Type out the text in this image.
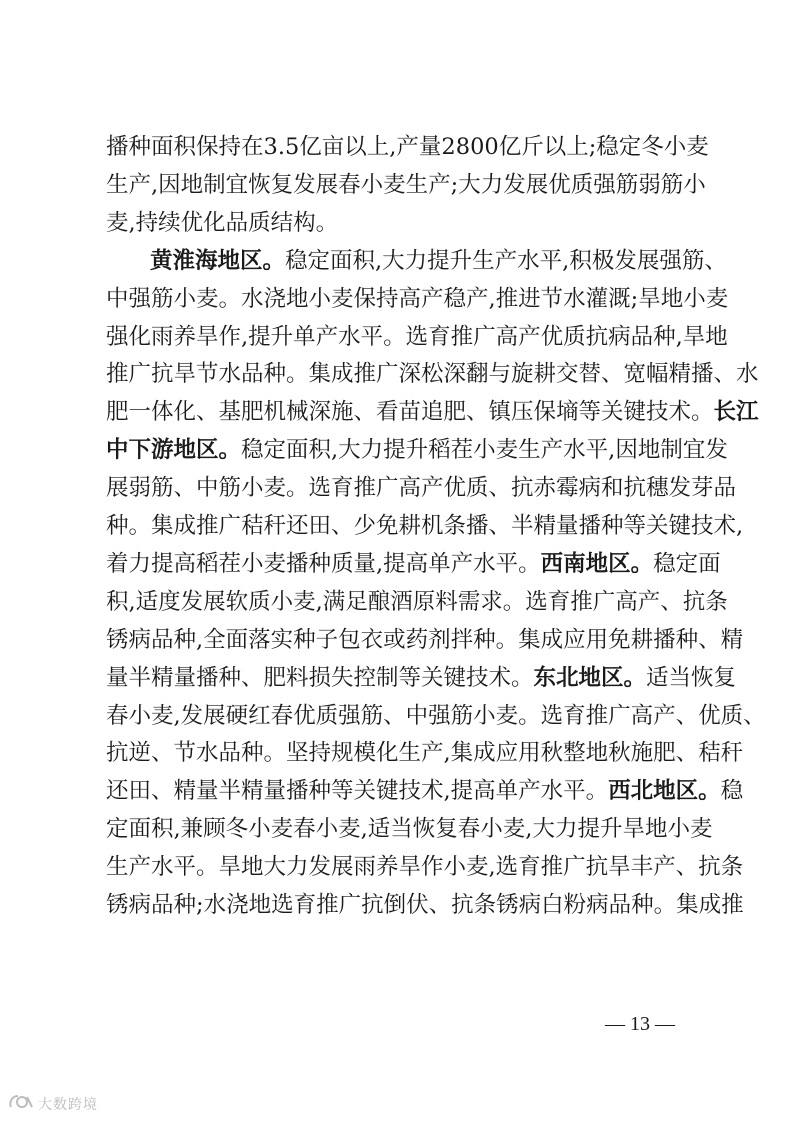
播种面积保持在3.5亿亩以上,产量2800亿斤以上;稳定冬小麦
生产,因地制宜恢复发展春小麦生产;大力发展优质强筋弱筋小
麦,持续优化品质结构。
黄淮海地区。稳定面积,大力提升生产水平,积极发展强筋、
中强筋小麦。水浇地小麦保持高产稳产,推进节水灌溉;旱地小麦
强化雨养旱作,提升单产水平。选育推广高产优质抗病品种,旱地
推广抗旱节水品种。集成推广深松深翻与旋耕交替、宽幅精播、水
肥一体化、基肥机械深施、看苗追肥、镇压保墒等关键技术。长江
中下游地区。稳定面积,大力提升稻茬小麦生产水平,因地制宜发
展弱筋、中筋小麦。选育推广高产优质、抗赤霉病和抗穗发芽品
种。集成推广秸秆还田、少免耕机条播、半精量播种等关键技术,
着力提高稻茬小麦播种质量,提高单产水平。西南地区。稳定面
积,适度发展软质小麦,满足酿酒原料需求。选育推广高产、抗条
锈病品种,全面落实种子包衣或药剂拌种。集成应用免耕播种、精
量半精量播种、肥料损失控制等关键技术。东北地区。适当恢复
春小麦,发展硬红春优质强筋、中强筋小麦。选育推广高产、优质、
抗逆、节水品种。坚持规模化生产,集成应用秋整地秋施肥、秸秆
还田、精量半精量播种等关键技术,提高单产水平。西北地区。稳
定面积,兼顾冬小麦春小麦,适当恢复春小麦,大力提升旱地小麦
生产水平。旱地大力发展雨养旱作小麦,选育推广抗旱丰产、抗条
锈病品种;水浇地选育推广抗倒伏、抗条锈病白粉病品种。集成推
— 13 —
大数跨境
